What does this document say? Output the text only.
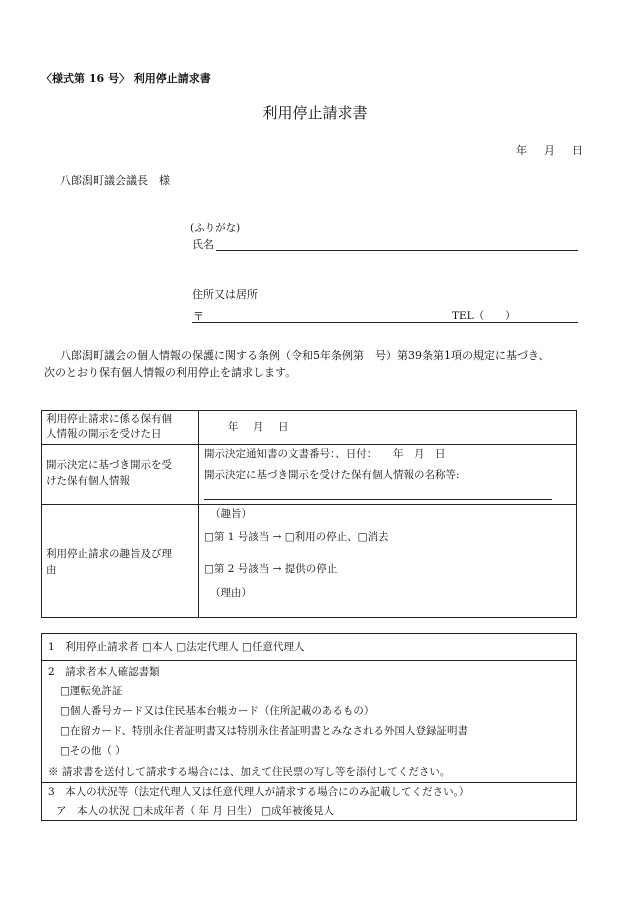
〈様式第 16 号〉 利用停止請求書
利用停止請求書
年　月　日
八郎潟町議会議長　様
(ふりがな)
氏名
住所又は居所
〒	TEL（　　）
八郎潟町議会の個人情報の保護に関する条例（令和5年条例第　号）第39条第1項の規定に基づき、
次のとおり保有個人情報の利用停止を請求します。
利用停止請求に係る保有個
人情報の開示を受けた日
年　月　日
開示決定に基づき開示を受
けた保有個人情報
開示決定通知書の文書番号：、日付：　　年　月　日
開示決定に基づき開示を受けた保有個人情報の名称等:
利用停止請求の趣旨及び理
由
（趣旨）
□第 1 号該当 → □利用の停止、□消去
□第 2 号該当 → 提供の停止
（理由）
1　利用停止請求者 □本人 □法定代理人 □任意代理人
2　請求者本人確認書類
□運転免許証
□個人番号カード又は住民基本台帳カード（住所記載のあるもの）
□在留カード、特別永住者証明書又は特別永住者証明書とみなされる外国人登録証明書
□その他（ ）
※ 請求書を送付して請求する場合には、加えて住民票の写し等を添付してください。
3　本人の状況等（法定代理人又は任意代理人が請求する場合にのみ記載してください。）
ア　本人の状況 □未成年者（ 年 月 日生） □成年被後見人
